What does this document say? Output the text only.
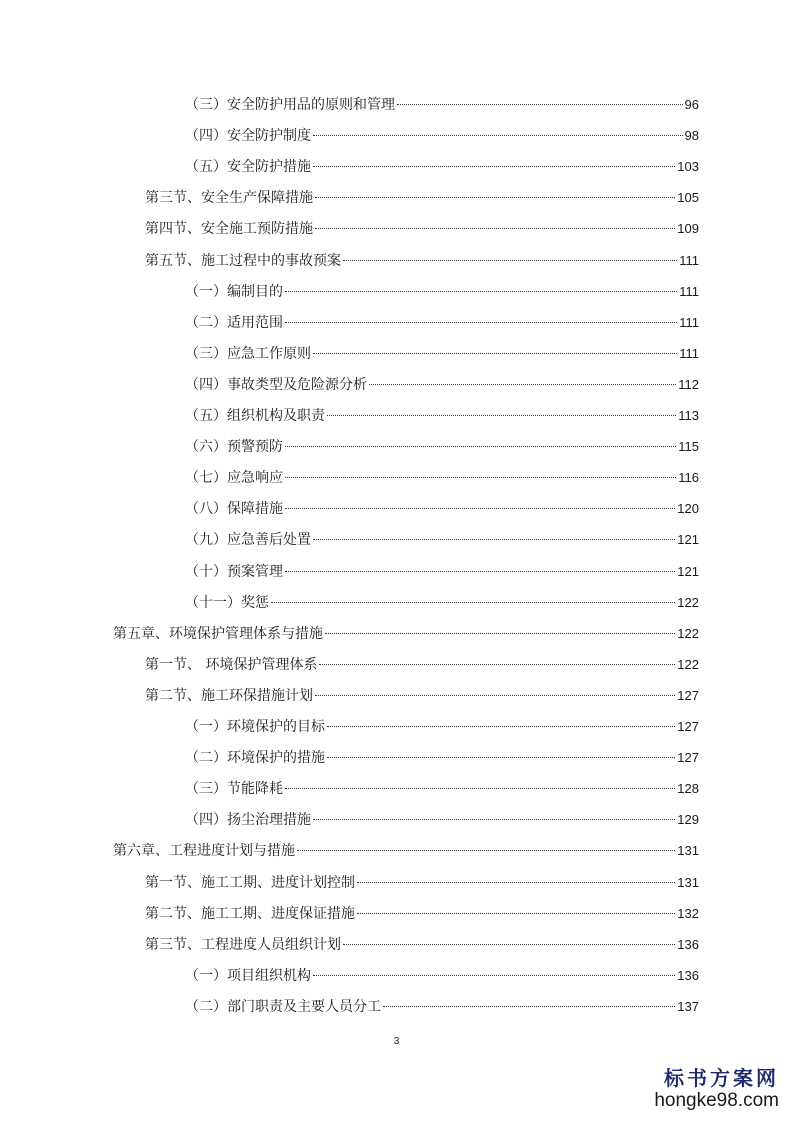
（三）安全防护用品的原则和管理	96
（四）安全防护制度	98
（五）安全防护措施	103
第三节、安全生产保障措施	105
第四节、安全施工预防措施	109
第五节、施工过程中的事故预案	111
（一）编制目的	111
（二）适用范围	111
（三）应急工作原则	111
（四）事故类型及危险源分析	112
（五）组织机构及职责	113
（六）预警预防	115
（七）应急响应	116
（八）保障措施	120
（九）应急善后处置	121
（十）预案管理	121
（十一）奖惩	122
第五章、环境保护管理体系与措施	122
第一节、 环境保护管理体系	122
第二节、施工环保措施计划	127
（一）环境保护的目标	127
（二）环境保护的措施	127
（三）节能降耗	128
（四）扬尘治理措施	129
第六章、工程进度计划与措施	131
第一节、施工工期、进度计划控制	131
第二节、施工工期、进度保证措施	132
第三节、工程进度人员组织计划	136
（一）项目组织机构	136
（二）部门职责及主要人员分工	137
3
标书方案网
hongke98.com
